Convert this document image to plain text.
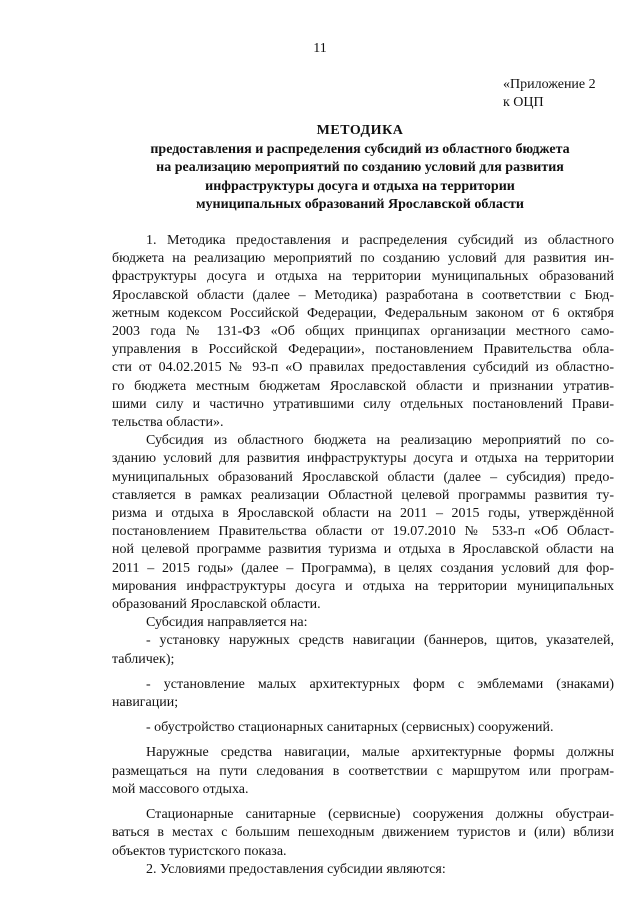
11
«Приложение 2
к ОЦП
МЕТОДИКА
предоставления и распределения субсидий из областного бюджета
на реализацию мероприятий по созданию условий для развития
инфраструктуры досуга и отдыха на территории
муниципальных образований Ярославской области

1. Методика предоставления и распределения субсидий из областного
бюджета на реализацию мероприятий по созданию условий для развития ин-
фраструктуры досуга и отдыха на территории муниципальных образований
Ярославской области (далее – Методика) разработана в соответствии с Бюд-
жетным кодексом Российской Федерации, Федеральным законом от 6 октября
2003 года № 131-ФЗ «Об общих принципах организации местного само-
управления в Российской Федерации», постановлением Правительства обла-
сти от 04.02.2015 № 93-п «О правилах предоставления субсидий из областно-
го бюджета местным бюджетам Ярославской области и признании утратив-
шими силу и частично утратившими силу отдельных постановлений Прави-
тельства области».

Субсидия из областного бюджета на реализацию мероприятий по со-
зданию условий для развития инфраструктуры досуга и отдыха на территории
муниципальных образований Ярославской области (далее – субсидия) предо-
ставляется в рамках реализации Областной целевой программы развития ту-
ризма и отдыха в Ярославской области на 2011 – 2015 годы, утверждённой
постановлением Правительства области от 19.07.2010 № 533-п «Об Област-
ной целевой программе развития туризма и отдыха в Ярославской области на
2011 – 2015 годы» (далее – Программа), в целях создания условий для фор-
мирования инфраструктуры досуга и отдыха на территории муниципальных
образований Ярославской области.

Субсидия направляется на:

- установку наружных средств навигации (баннеров, щитов, указателей,
табличек);

- установление малых архитектурных форм с эмблемами (знаками)
навигации;

- обустройство стационарных санитарных (сервисных) сооружений.

Наружные средства навигации, малые архитектурные формы должны
размещаться на пути следования в соответствии с маршрутом или програм-
мой массового отдыха.

Стационарные санитарные (сервисные) сооружения должны обустраи-
ваться в местах с большим пешеходным движением туристов и (или) вблизи
объектов туристского показа.

2. Условиями предоставления субсидии являются:
